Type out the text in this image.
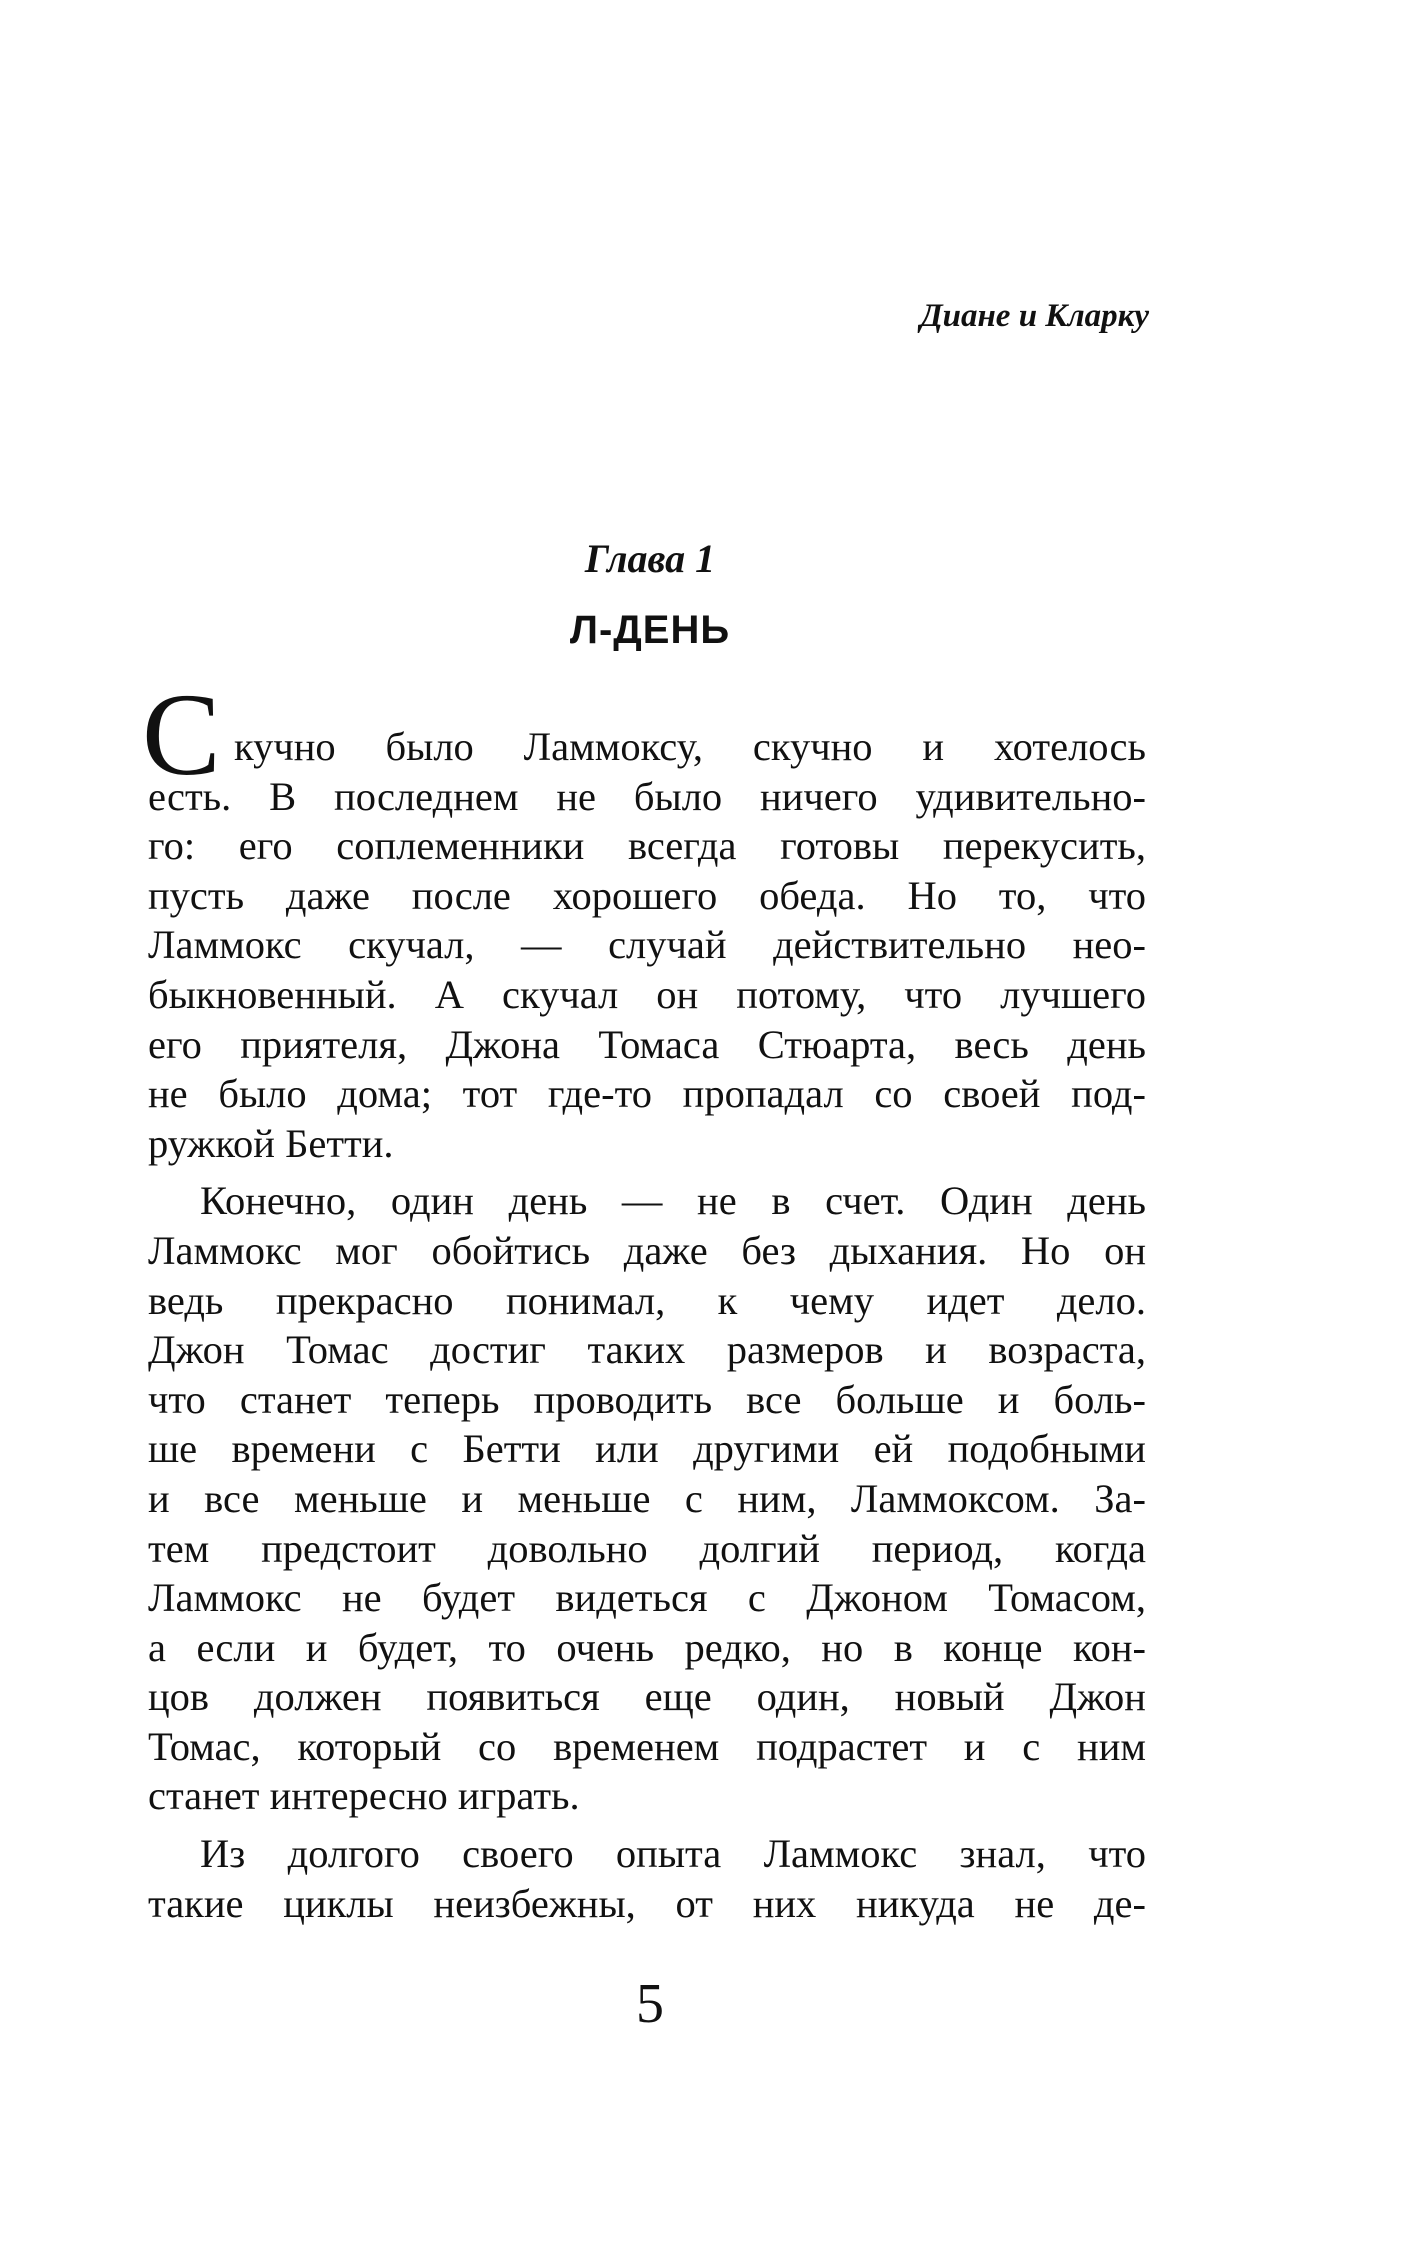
Диане и Кларку
Глава 1
Л-ДЕНЬ
С кучно было Ламмоксу, скучно и хотелось
есть. В последнем не было ничего удивительно-
го: его соплеменники всегда готовы перекусить,
пусть даже после хорошего обеда. Но то, что
Ламмокс скучал, — случай действительно нео-
быкновенный. А скучал он потому, что лучшего
его приятеля, Джона Томаса Стюарта, весь день
не было дома; тот где-то пропадал со своей под-
ружкой Бетти.
Конечно, один день — не в счет. Один день
Ламмокс мог обойтись даже без дыхания. Но он
ведь прекрасно понимал, к чему идет дело.
Джон Томас достиг таких размеров и возраста,
что станет теперь проводить все больше и боль-
ше времени с Бетти или другими ей подобными
и все меньше и меньше с ним, Ламмоксом. За-
тем предстоит довольно долгий период, когда
Ламмокс не будет видеться с Джоном Томасом,
а если и будет, то очень редко, но в конце кон-
цов должен появиться еще один, новый Джон
Томас, который со временем подрастет и с ним
станет интересно играть.
Из долгого своего опыта Ламмокс знал, что
такие циклы неизбежны, от них никуда не де-
5
